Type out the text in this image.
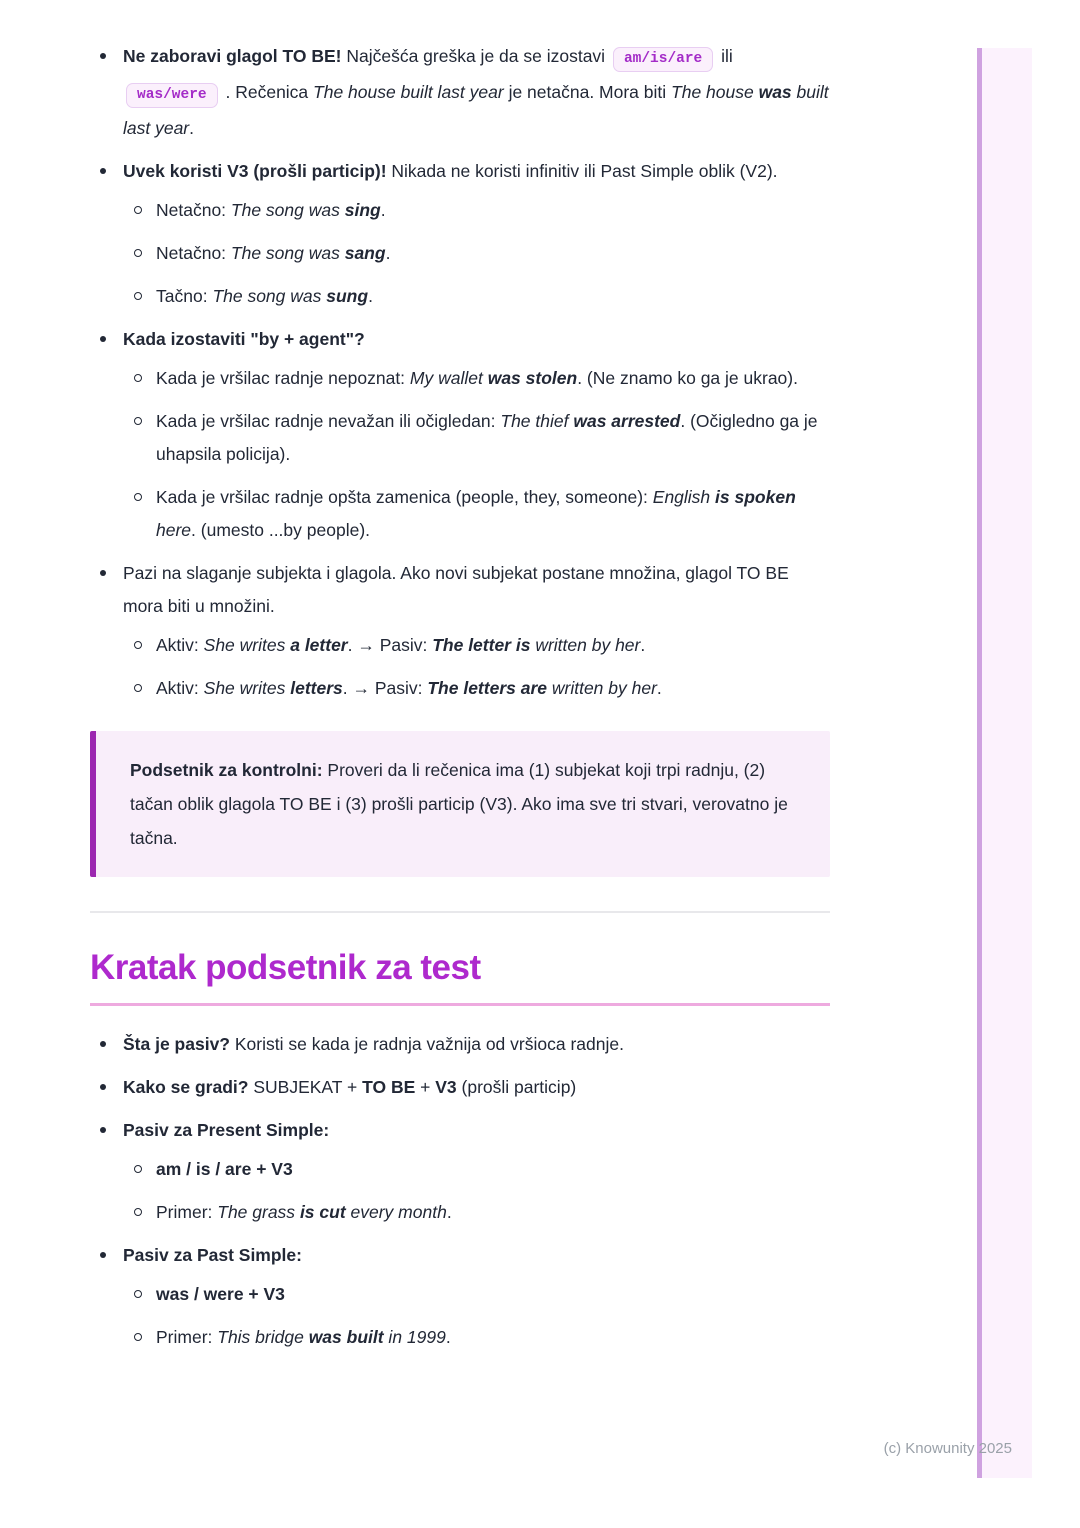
Ne zaboravi glagol TO BE! Najčešća greška je da se izostavi am/is/are ili was/were . Rečenica The house built last year je netačna. Mora biti The house was built last year.
Uvek koristi V3 (prošli particip)! Nikada ne koristi infinitiv ili Past Simple oblik (V2).
Netačno: The song was sing.
Netačno: The song was sang.
Tačno: The song was sung.
Kada izostaviti "by + agent"?
Kada je vršilac radnje nepoznat: My wallet was stolen. (Ne znamo ko ga je ukrao).
Kada je vršilac radnje nevažan ili očigledan: The thief was arrested. (Očigledno ga je uhapsila policija).
Kada je vršilac radnje opšta zamenica (people, they, someone): English is spoken here. (umesto ...by people).
Pazi na slaganje subjekta i glagola. Ako novi subjekat postane množina, glagol TO BE mora biti u množini.
Aktiv: She writes a letter. → Pasiv: The letter is written by her.
Aktiv: She writes letters. → Pasiv: The letters are written by her.

Podsetnik za kontrolni: Proveri da li rečenica ima (1) subjekat koji trpi radnju, (2) tačan oblik glagola TO BE i (3) prošli particip (V3). Ako ima sve tri stvari, verovatno je tačna.

Kratak podsetnik za test
Šta je pasiv? Koristi se kada je radnja važnija od vršioca radnje.
Kako se gradi? SUBJEKAT + TO BE + V3 (prošli particip)
Pasiv za Present Simple:
am / is / are + V3
Primer: The grass is cut every month.
Pasiv za Past Simple:
was / were + V3
Primer: This bridge was built in 1999.
(c) Knowunity 2025
